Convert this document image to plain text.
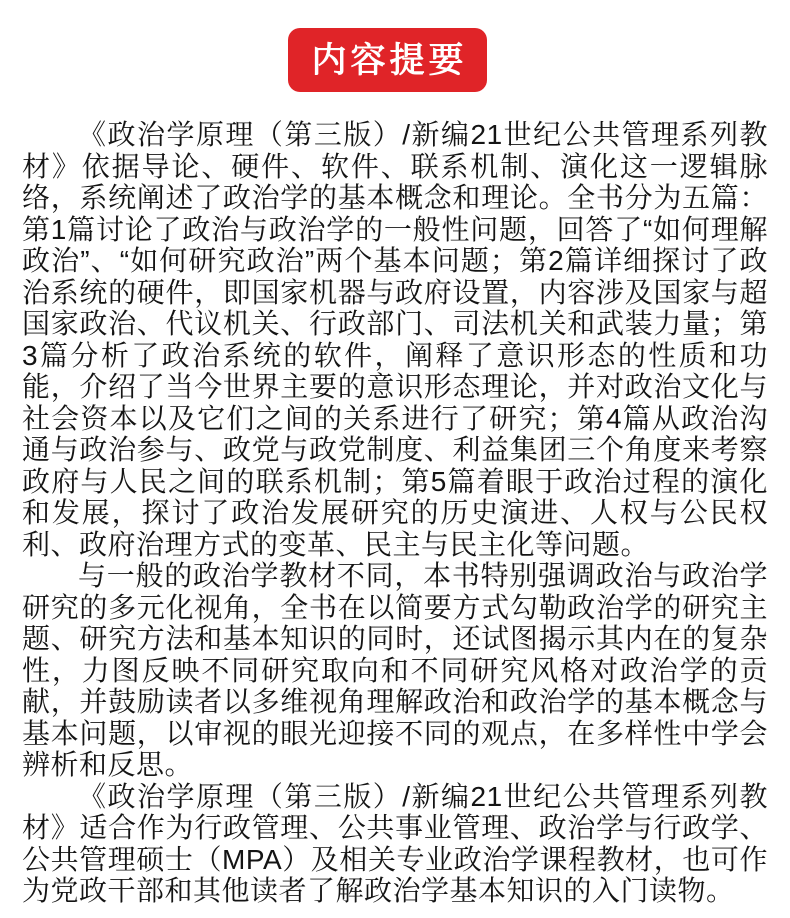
内容提要

《政治学原理（第三版）/新编21世纪公共管理系列教材》依据导论、硬件、软件、联系机制、演化这一逻辑脉络，系统阐述了政治学的基本概念和理论。全书分为五篇：第1篇讨论了政治与政治学的一般性问题，回答了“如何理解政治”、“如何研究政治”两个基本问题；第2篇详细探讨了政治系统的硬件，即国家机器与政府设置，内容涉及国家与超国家政治、代议机关、行政部门、司法机关和武装力量；第3篇分析了政治系统的软件，阐释了意识形态的性质和功能，介绍了当今世界主要的意识形态理论，并对政治文化与社会资本以及它们之间的关系进行了研究；第4篇从政治沟通与政治参与、政党与政党制度、利益集团三个角度来考察政府与人民之间的联系机制；第5篇着眼于政治过程的演化和发展，探讨了政治发展研究的历史演进、人权与公民权利、政府治理方式的变革、民主与民主化等问题。

与一般的政治学教材不同，本书特别强调政治与政治学研究的多元化视角，全书在以简要方式勾勒政治学的研究主题、研究方法和基本知识的同时，还试图揭示其内在的复杂性，力图反映不同研究取向和不同研究风格对政治学的贡献，并鼓励读者以多维视角理解政治和政治学的基本概念与基本问题，以审视的眼光迎接不同的观点，在多样性中学会辨析和反思。

《政治学原理（第三版）/新编21世纪公共管理系列教材》适合作为行政管理、公共事业管理、政治学与行政学、公共管理硕士（MPA）及相关专业政治学课程教材，也可作为党政干部和其他读者了解政治学基本知识的入门读物。
